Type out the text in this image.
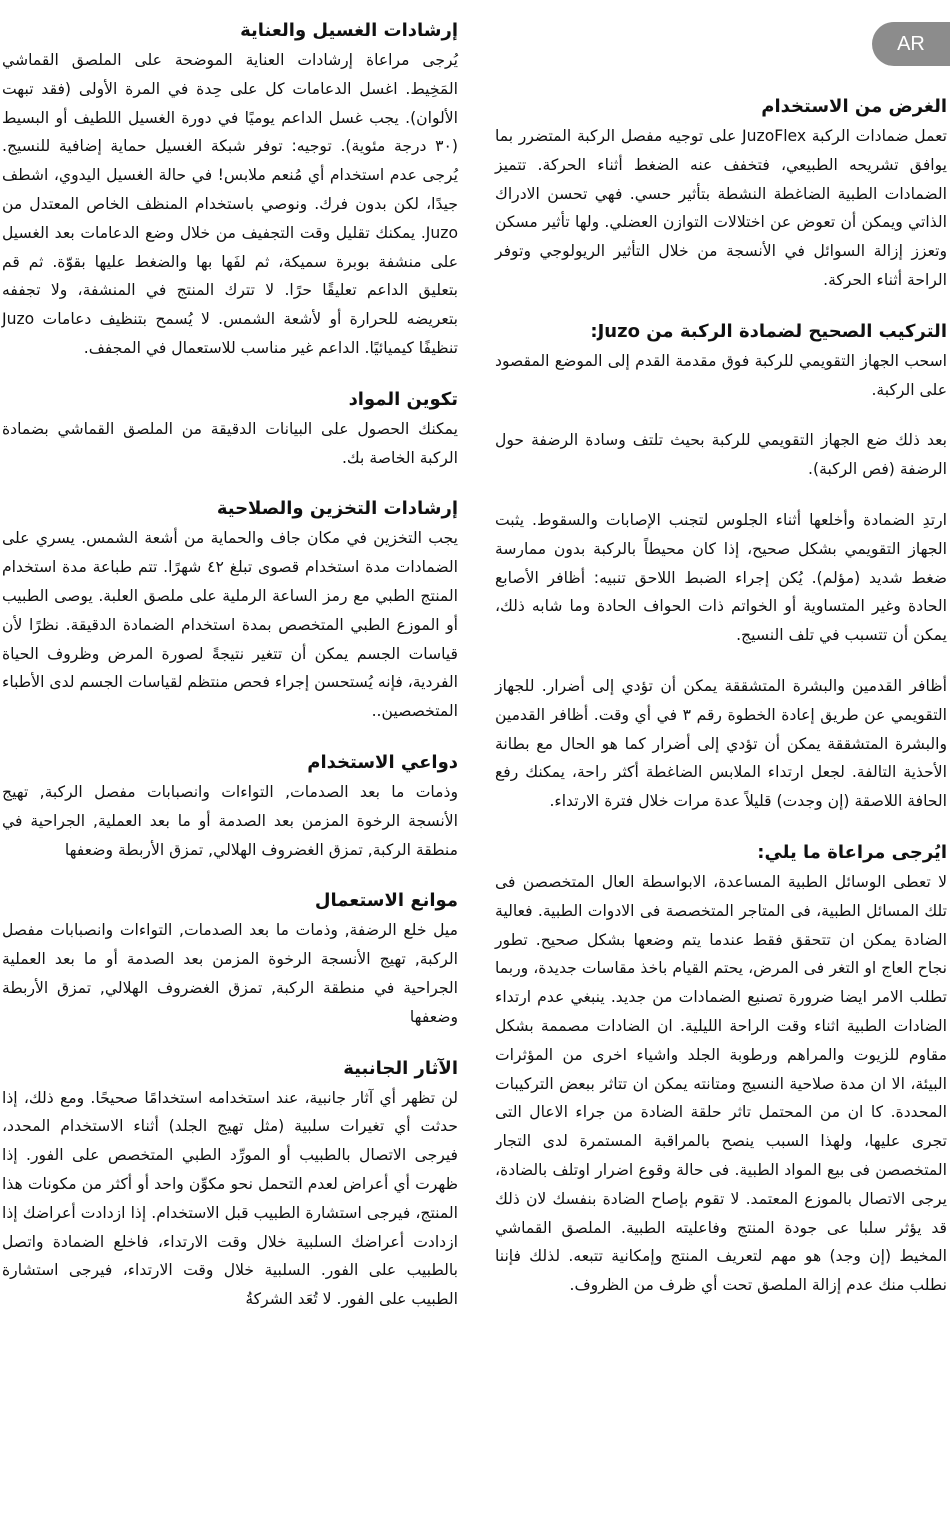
AR
الغرض من الاستخدام

تعمل ضمادات الركبة JuzoFlex على توجيه مفصل الركبة المتضرر بما يوافق تشريحه الطبيعي، فتخفف عنه الضغط أثناء الحركة. تتميز الضمادات الطبية الضاغطة النشطة بتأثير حسي. فهي تحسن الادراك الذاتي ويمكن أن تعوض عن اختلالات التوازن العضلي. ولها تأثير مسكن وتعزز إزالة السوائل في الأنسجة من خلال التأثير الريولوجي وتوفر الراحة أثناء الحركة.

التركيب الصحيح لضمادة الركبة من Juzo:

اسحب الجهاز التقويمي للركبة فوق مقدمة القدم إلى الموضع المقصود على الركبة.

بعد ذلك ضع الجهاز التقويمي للركبة بحيث تلتف وسادة الرضفة حول الرضفة (فص الركبة).

ارتدِ الضمادة وأخلعها أثناء الجلوس لتجنب الإصابات والسقوط. يثبت الجهاز التقويمي بشكل صحيح، إذا كان محيطاً بالركبة بدون ممارسة ضغط شديد (مؤلم). يُكن إجراء الضبط اللاحق تنبيه: أظافر الأصابع الحادة وغير المتساوية أو الخواتم ذات الحواف الحادة وما شابه ذلك، يمكن أن تتسبب في تلف النسيج.

أظافر القدمين والبشرة المتشققة يمكن أن تؤدي إلى أضرار. للجهاز التقويمي عن طريق إعادة الخطوة رقم ٣ في أي وقت. أظافر القدمين والبشرة المتشققة يمكن أن تؤدي إلى أضرار كما هو الحال مع بطانة الأحذية التالفة. لجعل ارتداء الملابس الضاغطة أكثر راحة، يمكنك رفع الحافة اللاصقة (إن وجدت) قليلاً عدة مرات خلال فترة الارتداء.

ايُرجى مراعاة ما يلي:

لا تعطى الوسائل الطبية المساعدة، الابواسطة العال المتخصصن فى تلك المسائل الطبية، فى المتاجر المتخصصة فى الادوات الطبية. فعالية الضادة يمكن ان تتحقق فقط عندما يتم وضعها بشكل صحيح. تطور نجاح العاج او التغر فى المرض، يحتم القيام باخذ مقاسات جديدة، وربما تطلب الامر ايضا ضرورة تصنيع الضمادات من جديد. ينبغي عدم ارتداء الضادات الطبية اثناء وقت الراحة الليلية. ان الضادات مصممة بشكل مقاوم للزيوت والمراهم ورطوبة الجلد واشياء اخرى من المؤثرات البيئة، الا ان مدة صلاحية النسيج ومتانته يمكن ان تتاثر ببعض التركيبات المحددة. كا ان من المحتمل تاثر حلقة الضادة من جراء الاعال التى تجرى عليها، ولهذا السبب ينصح بالمراقبة المستمرة لدى التجار المتخصصن فى بيع المواد الطبية. فى حالة وقوع اضرار اوتلف بالضادة، يرجى الاتصال بالموزع المعتمد. لا تقوم بإصاح الضادة بنفسك لان ذلك قد يؤثر سلبا عى جودة المنتج وفاعليته الطبية. الملصق القماشي المخيط (إن وجد) هو مهم لتعريف المنتج وإمكانية تتبعه. لذلك فإننا نطلب منك عدم إزالة الملصق تحت أي ظرف من الظروف.

إرشادات الغسيل والعناية

يُرجى مراعاة إرشادات العناية الموضحة على الملصق القماشي المَخِيط. اغسل الدعامات كل على حِدة في المرة الأولى (فقد تبهت الألوان). يجب غسل الداعم يوميًا في دورة الغسيل اللطيف أو البسيط (٣٠ درجة مئوية). توجيه: توفر شبكة الغسيل حماية إضافية للنسيج. يُرجى عدم استخدام أي مُنعم ملابس! في حالة الغسيل اليدوي، اشطف جيدًا، لكن بدون فرك. ونوصي باستخدام المنظف الخاص المعتدل من Juzo. يمكنك تقليل وقت التجفيف من خلال وضع الدعامات بعد الغسيل على منشفة بوبرة سميكة، ثم لفَها بها والضغط عليها بقوّة. ثم قم بتعليق الداعم تعليقًا حرًا. لا تترك المنتج في المنشفة، ولا تجففه بتعريضه للحرارة أو لأشعة الشمس. لا يُسمح بتنظيف دعامات Juzo تنظيفًا كيميائيًا. الداعم غير مناسب للاستعمال في المجفف.

تكوين المواد

يمكنك الحصول على البيانات الدقيقة من الملصق القماشي بضمادة الركبة الخاصة بك.

إرشادات التخزين والصلاحية

يجب التخزين في مكان جاف والحماية من أشعة الشمس. يسري على الضمادات مدة استخدام قصوى تبلغ ٤٢ شهرًا. تتم طباعة مدة استخدام المنتج الطبي مع رمز الساعة الرملية على ملصق العلبة. يوصى الطبيب أو الموزع الطبي المتخصص بمدة استخدام الضمادة الدقيقة. نظرًا لأن قياسات الجسم يمكن أن تتغير نتيجةً لصورة المرض وظروف الحياة الفردية، فإنه يُستحسن إجراء فحص منتظم لقياسات الجسم لدى الأطباء المتخصصين..

دواعي الاستخدام

وذمات ما بعد الصدمات, التواءات وانصبابات مفصل الركبة, تهيج الأنسجة الرخوة المزمن بعد الصدمة أو ما بعد العملية, الجراحية في منطقة الركبة, تمزق الغضروف الهلالي, تمزق الأربطة وضعفها

موانع الاستعمال

ميل خلع الرضفة, وذمات ما بعد الصدمات, التواءات وانصبابات مفصل الركبة, تهيج الأنسجة الرخوة المزمن بعد الصدمة أو ما بعد العملية الجراحية في منطقة الركبة, تمزق الغضروف الهلالي, تمزق الأربطة وضعفها

الآثار الجانبية

لن تظهر أي آثار جانبية، عند استخدامه استخدامًا صحيحًا. ومع ذلك، إذا حدثت أي تغيرات سلبية (مثل تهيج الجلد) أثناء الاستخدام المحدد، فيرجى الاتصال بالطبيب أو المورِّد الطبي المتخصص على الفور. إذا ظهرت أي أعراض لعدم التحمل نحو مكوِّن واحد أو أكثر من مكونات هذا المنتج، فيرجى استشارة الطبيب قبل الاستخدام. إذا ازدادت أعراضك إذا ازدادت أعراضك السلبية خلال وقت الارتداء، فاخلع الضمادة واتصل بالطبيب على الفور. السلبية خلال وقت الارتداء، فيرجى استشارة الطبيب على الفور. لا تُعَد الشركةُ
